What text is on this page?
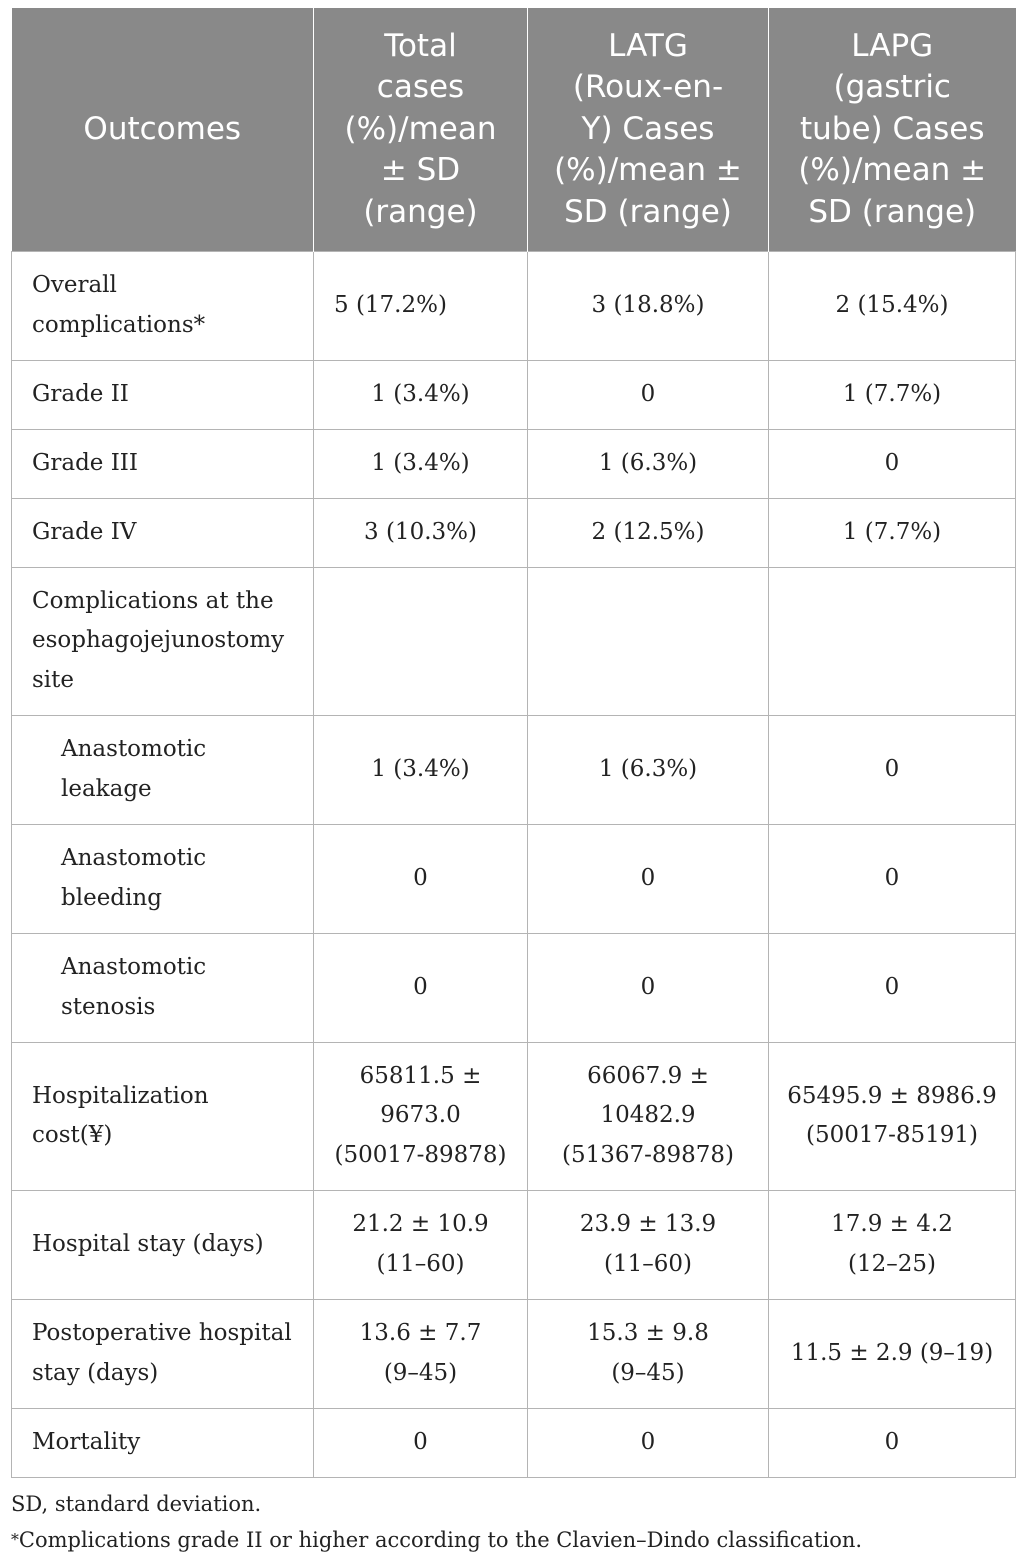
Outcomes	Total
cases
(%)/mean
± SD
(range)	LATG
(Roux-en-
Y) Cases
(%)/mean ±
SD (range)	LAPG
(gastric
tube) Cases
(%)/mean ±
SD (range)
Overall
complications*	5 (17.2%)	3 (18.8%)	2 (15.4%)
Grade II	1 (3.4%)	0	1 (7.7%)
Grade III	1 (3.4%)	1 (6.3%)	0
Grade IV	3 (10.3%)	2 (12.5%)	1 (7.7%)
Complications at the
esophagojejunostomy
site			
Anastomotic
leakage	1 (3.4%)	1 (6.3%)	0
Anastomotic
bleeding	0	0	0
Anastomotic
stenosis	0	0	0
Hospitalization
cost(¥)	65811.5 ±
9673.0
(50017-89878)	66067.9 ±
10482.9
(51367-89878)	65495.9 ± 8986.9
(50017-85191)
Hospital stay (days)	21.2 ± 10.9
(11–60)	23.9 ± 13.9
(11–60)	17.9 ± 4.2
(12–25)
Postoperative hospital
stay (days)	13.6 ± 7.7
(9–45)	15.3 ± 9.8
(9–45)	11.5 ± 2.9 (9–19)
Mortality	0	0	0
SD, standard deviation.
*Complications grade II or higher according to the Clavien–Dindo classification.
